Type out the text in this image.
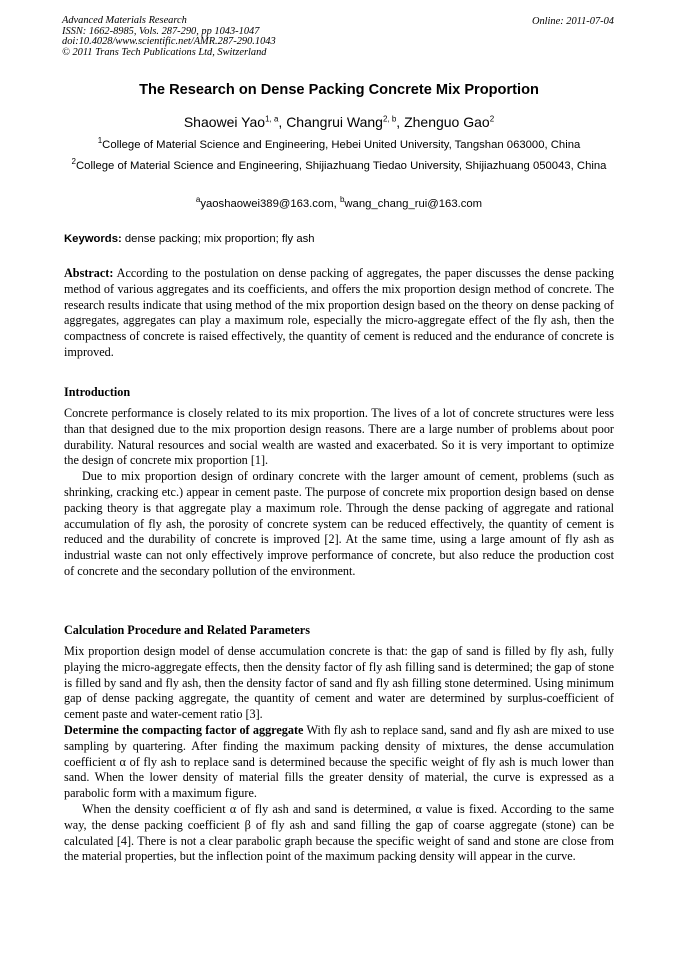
Advanced Materials Research
ISSN: 1662-8985, Vols. 287-290, pp 1043-1047
doi:10.4028/www.scientific.net/AMR.287-290.1043
© 2011 Trans Tech Publications Ltd, Switzerland
Online: 2011-07-04
The Research on Dense Packing Concrete Mix Proportion
Shaowei Yao$^{1, a}$, Changrui Wang$^{2, b}$, Zhenguo Gao$^2$
$^1$College of Material Science and Engineering, Hebei United University, Tangshan 063000, China
$^2$College of Material Science and Engineering, Shijiazhuang Tiedao University, Shijiazhuang 050043, China
$^a$yaoshaowei389@163.com, $^b$wang_chang_rui@163.com
Keywords: dense packing; mix proportion; fly ash

Abstract: According to the postulation on dense packing of aggregates, the paper discusses the dense packing method of various aggregates and its coefficients, and offers the mix proportion design method of concrete. The research results indicate that using method of the mix proportion design based on the theory on dense packing of aggregates, aggregates can play a maximum role, especially the micro-aggregate effect of the fly ash, then the compactness of concrete is raised effectively, the quantity of cement is reduced and the endurance of concrete is improved.

Introduction

Concrete performance is closely related to its mix proportion. The lives of a lot of concrete structures were less than that designed due to the mix proportion design reasons. There are a large number of problems about poor durability. Natural resources and social wealth are wasted and exacerbated. So it is very important to optimize the design of concrete mix proportion [1].

Due to mix proportion design of ordinary concrete with the larger amount of cement, problems (such as shrinking, cracking etc.) appear in cement paste. The purpose of concrete mix proportion design based on dense packing theory is that aggregate play a maximum role. Through the dense packing of aggregate and rational accumulation of fly ash, the porosity of concrete system can be reduced effectively, the quantity of cement is reduced and the durability of concrete is improved [2]. At the same time, using a large amount of fly ash as industrial waste can not only effectively improve performance of concrete, but also reduce the production cost of concrete and the secondary pollution of the environment.

Calculation Procedure and Related Parameters

Mix proportion design model of dense accumulation concrete is that: the gap of sand is filled by fly ash, fully playing the micro-aggregate effects, then the density factor of fly ash filling sand is determined; the gap of stone is filled by sand and fly ash, then the density factor of sand and fly ash filling stone determined. Using minimum gap of dense packing aggregate, the quantity of cement and water are determined by surplus-coefficient of cement paste and water-cement ratio [3].

Determine the compacting factor of aggregate With fly ash to replace sand, sand and fly ash are mixed to use sampling by quartering. After finding the maximum packing density of mixtures, the dense accumulation coefficient α of fly ash to replace sand is determined because the specific weight of fly ash is much lower than sand. When the lower density of material fills the greater density of material, the curve is expressed as a parabolic form with a maximum figure.

When the density coefficient α of fly ash and sand is determined, α value is fixed. According to the same way, the dense packing coefficient β of fly ash and sand filling the gap of coarse aggregate (stone) can be calculated [4]. There is not a clear parabolic graph because the specific weight of sand and stone are close from the material properties, but the inflection point of the maximum packing density will appear in the curve.
